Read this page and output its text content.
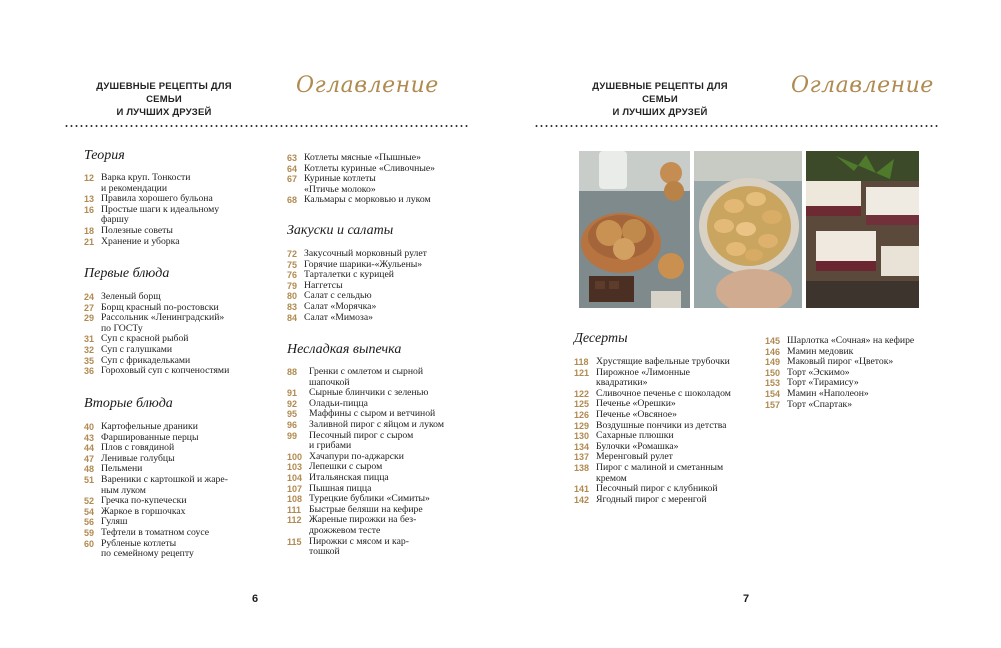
ДУШЕВНЫЕ РЕЦЕПТЫ ДЛЯ СЕМЬИ
И ЛУЧШИХ ДРУЗЕЙ
Оглавление	ДУШЕВНЫЕ РЕЦЕПТЫ ДЛЯ СЕМЬИ
И ЛУЧШИХ ДРУЗЕЙ
Оглавление
Теория
12 Варка круп. Тонкости
и рекомендации
13 Правила хорошего бульона
16 Простые шаги к идеальному
фаршу
18 Полезные советы
21 Хранение и уборка
Первые блюда
24 Зеленый борщ
27 Борщ красный по-ростовски
29 Рассольник «Ленинградский»
по ГОСТу
31 Суп с красной рыбой
32 Суп с галушками
35 Суп с фрикадельками
36 Гороховый суп с копченостями
Вторые блюда
40 Картофельные драники
43 Фаршированные перцы
44 Плов с говядиной
47 Ленивые голубцы
48 Пельмени
51 Вареники с картошкой и жаре-
ным луком
52 Гречка по-купечески
54 Жаркое в горшочках
56 Гуляш
59 Тефтели в томатном соусе
60 Рубленые котлеты
по семейному рецепту
63 Котлеты мясные «Пышные»
64 Котлеты куриные «Сливочные»
67 Куриные котлеты
«Птичье молоко»
68 Кальмары с морковью и луком
Закуски и салаты
72 Закусочный морковный рулет
75 Горячие шарики-«Жульены»
76 Тарталетки с курицей
79 Наггетсы
80 Салат с сельдью
83 Салат «Морячка»
84 Салат «Мимоза»
Несладкая выпечка
88	Гренки с омлетом и сырной
шапочкой
91	Сырные блинчики с зеленью
92	Оладьи-пицца
95	Маффины с сыром и ветчиной
96	Заливной пирог с яйцом и луком
99	Песочный пирог с сыром
и грибами
100 Хачапури по-аджарски
103 Лепешки с сыром
104 Итальянская пицца
107 Пышная пицца
108 Турецкие бублики «Симиты»
111 Быстрые беляши на кефире
112 Жареные пирожки на без-
дрожжевом тесте
115 Пирожки с мясом и кар-
тошкой
6
Десерты
118 Хрустящие вафельные трубочки
121 Пирожное «Лимонные
квадратики»
122 Сливочное печенье с шоколадом
125 Печенье «Орешки»
126 Печенье «Овсяное»
129 Воздушные пончики из детства
130 Сахарные плюшки
134 Булочки «Ромашка»
137 Меренговый рулет
138 Пирог с малиной и сметанным
кремом
141 Песочный пирог с клубникой
142 Ягодный пирог с меренгой
145 Шарлотка «Сочная» на кефире
146 Мамин медовик
149 Маковый пирог «Цветок»
150 Торт «Эскимо»
153 Торт «Тирамису»
154 Мамин «Наполеон»
157 Торт «Спартак»
7
